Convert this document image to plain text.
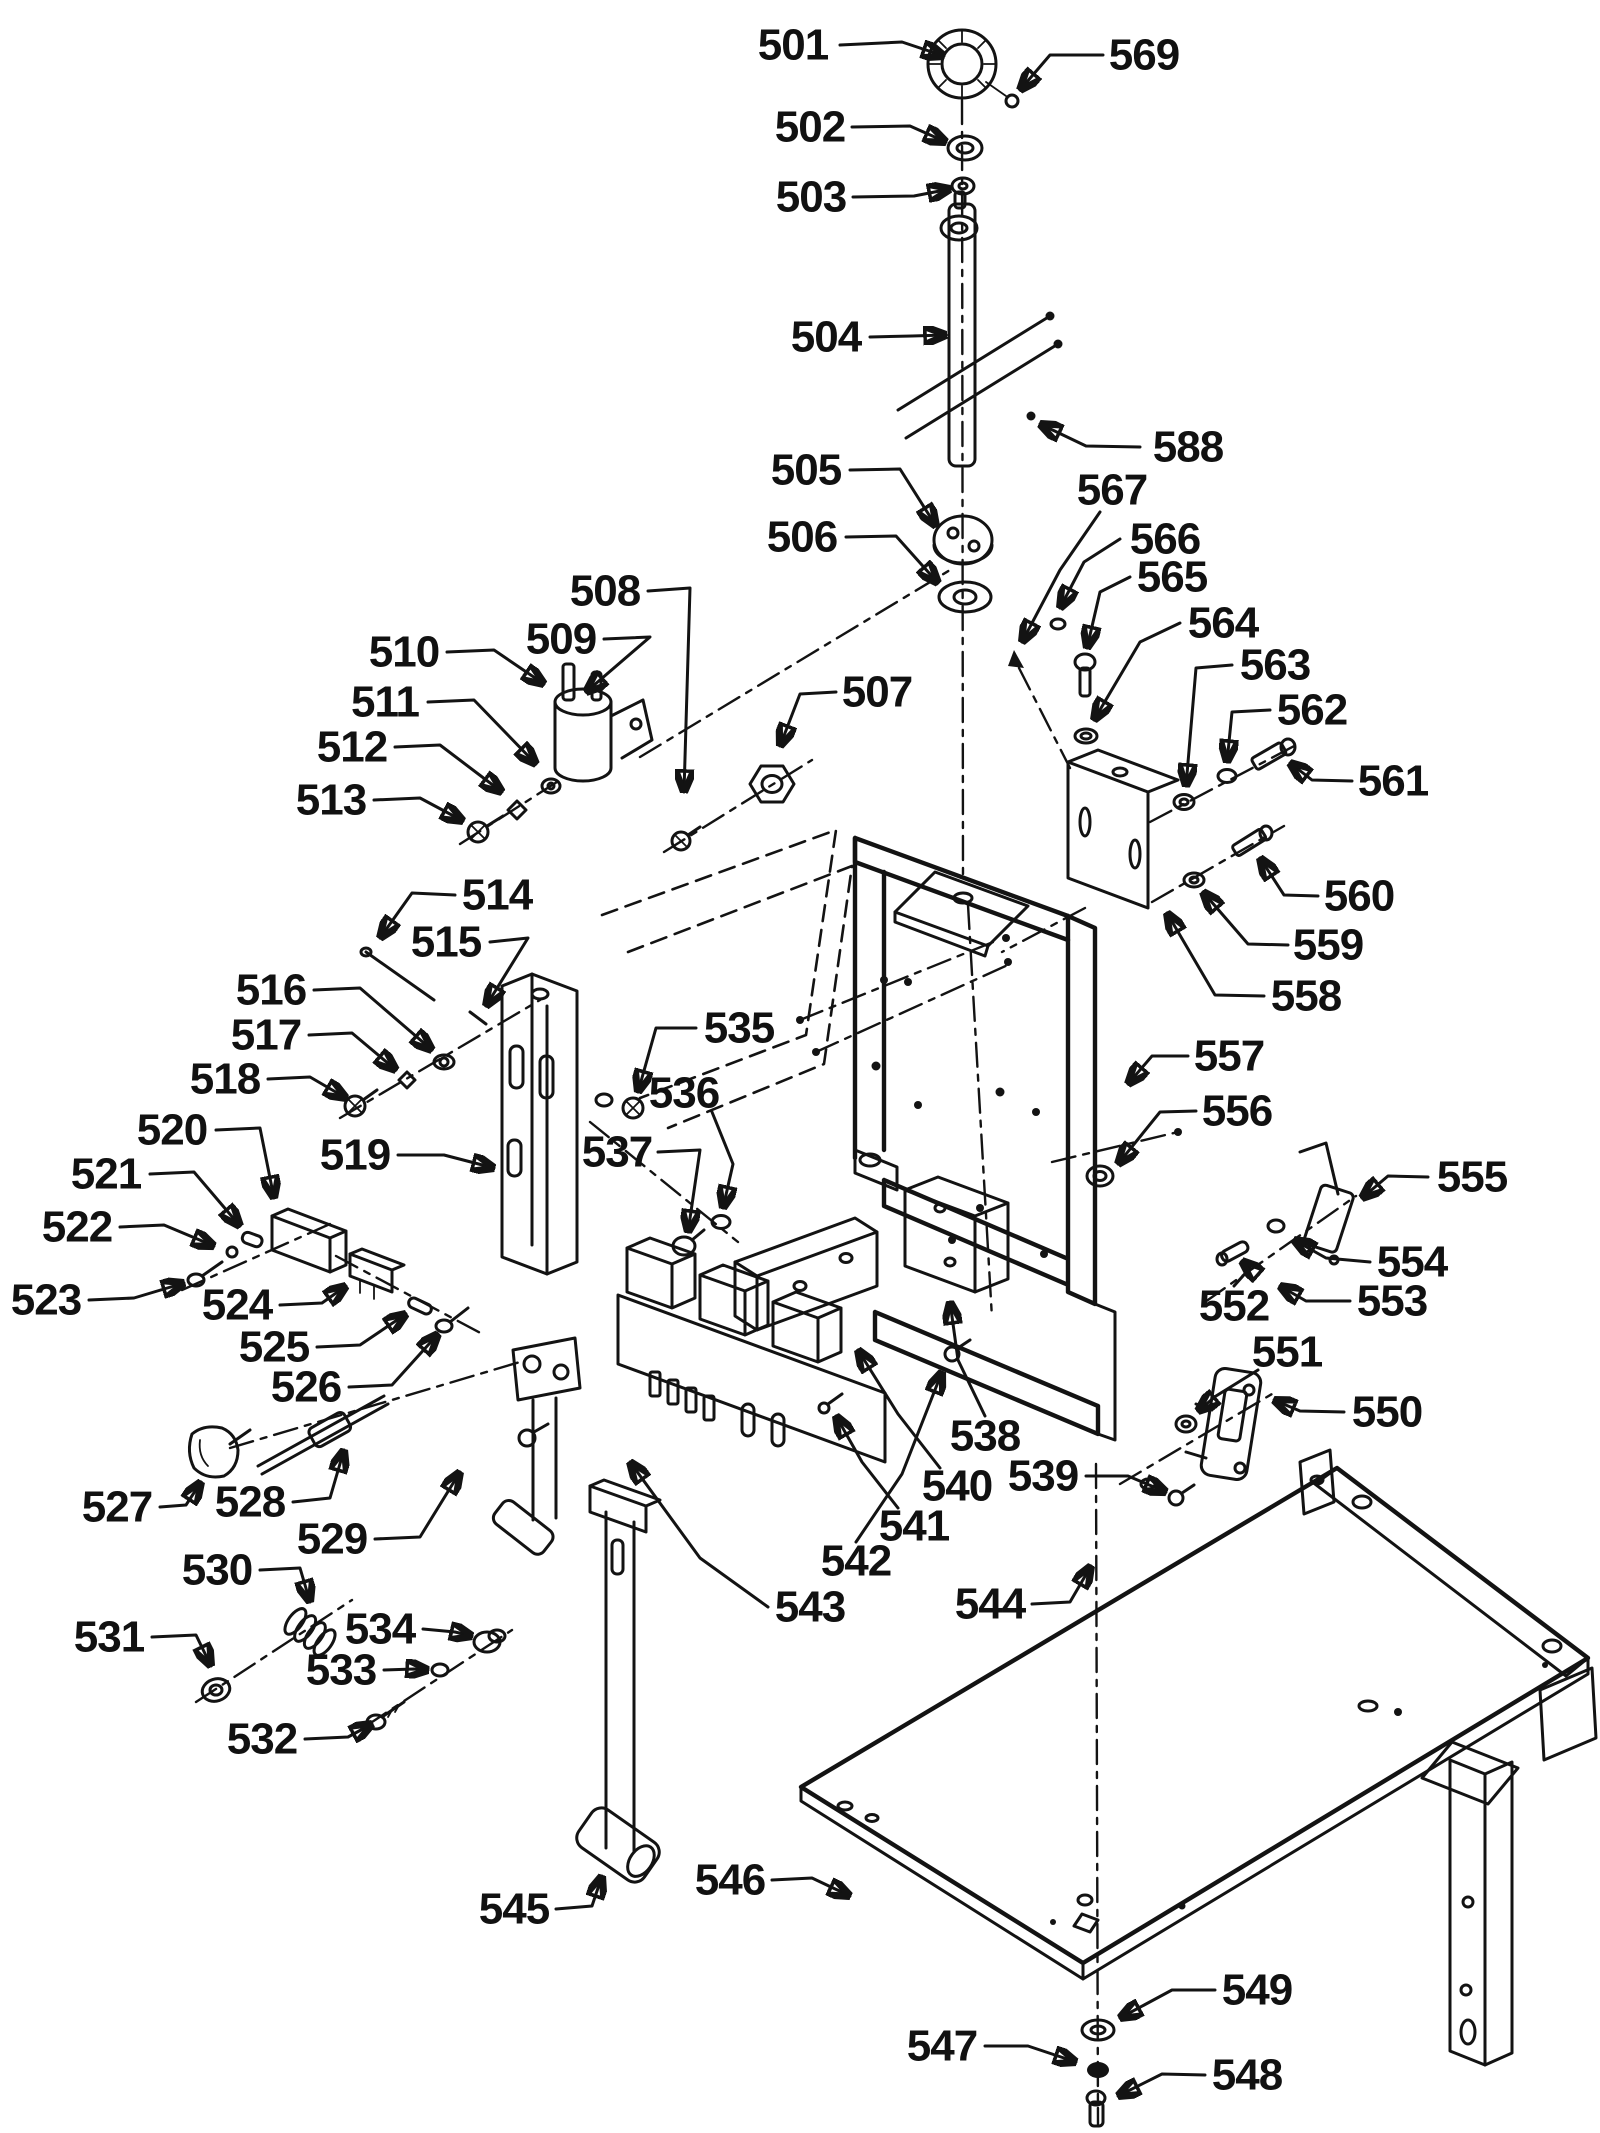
501	569
502
503
504
588
505
506
567
566
565
564
563
562
561
560
559
558
557
556
555
554
553
552
551
550
508
509
510
511
512
513
507
514
515
516
517
518
519	537
535
536
520
521
522
523	524
525
526
527 528
529
530
531	534
533
532
538
539
540
541
542
543 544
545
546
547
548
549
